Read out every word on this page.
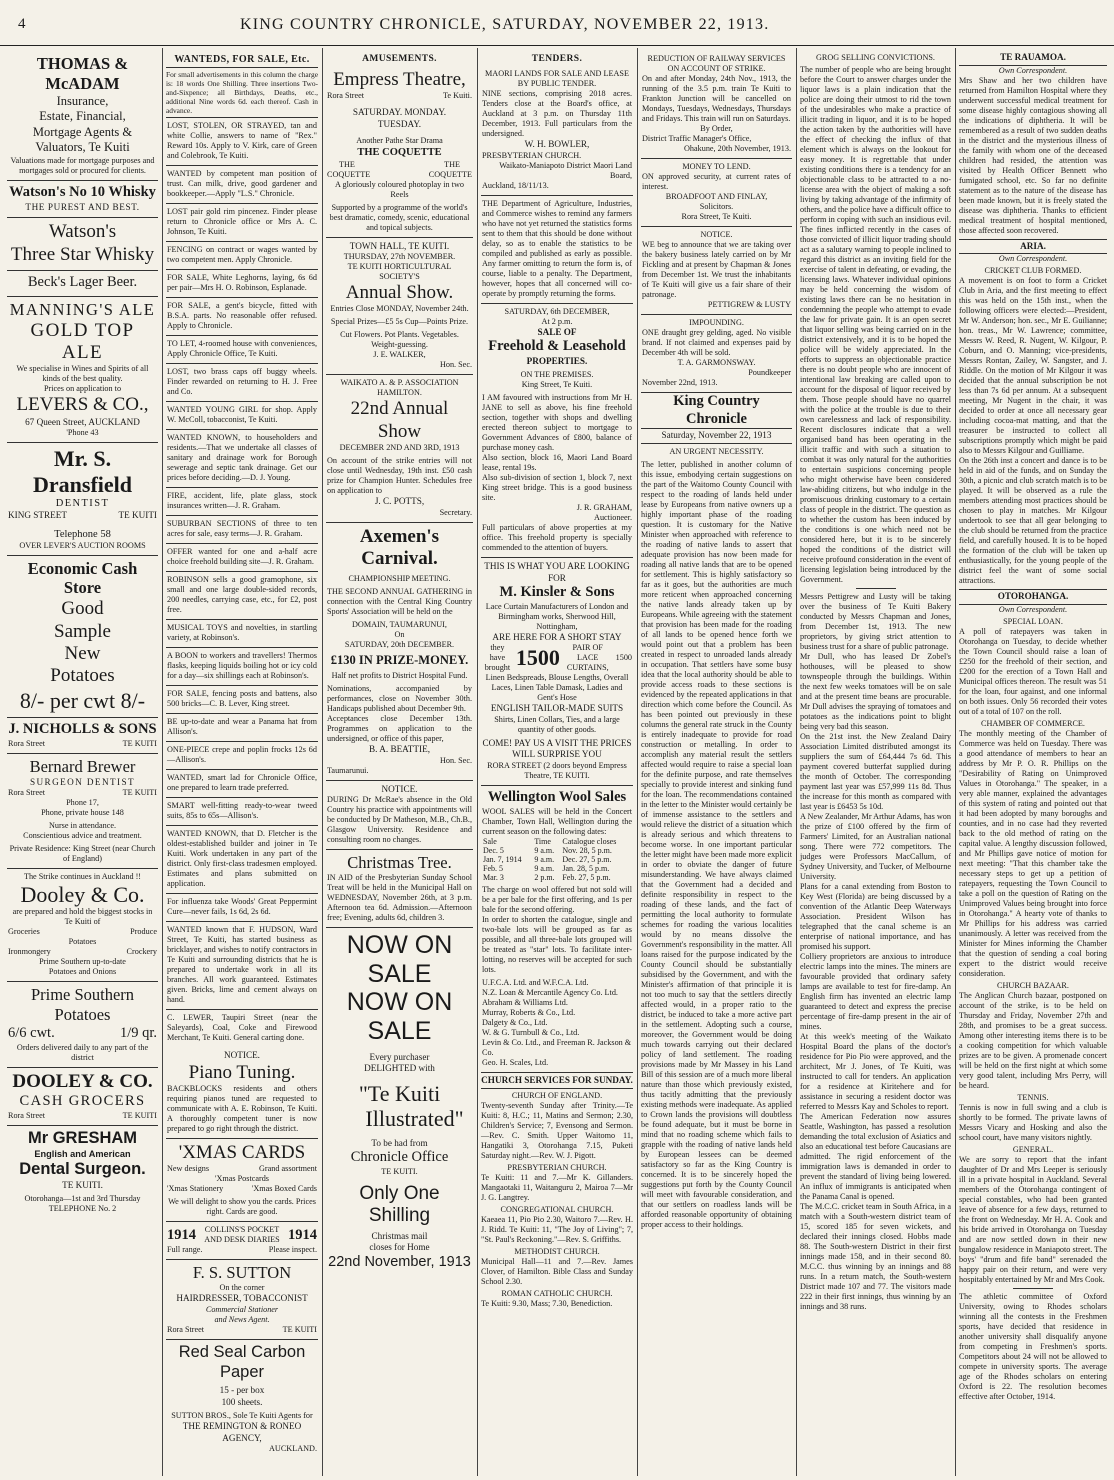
4	KING COUNTRY CHRONICLE, SATURDAY, NOVEMBER 22, 1913.
THOMAS & McADAM
Insurance,
Estate, Financial,
Mortgage Agents &
Valuators, Te Kuiti
Valuations made for mortgage purposes and mortgages sold or procured for clients.
Watson's No 10 Whisky
THE PUREST AND BEST.
Watson's
Three Star Whisky
Beck's Lager Beer.
MANNING'S ALE
GOLD TOP ALE
We specialise in Wines and Spirits of all kinds of the best quality.
Prices on application to
LEVERS & CO.,
67 Queen Street, AUCKLAND
'Phone 43
Mr. S. Dransfield
DENTIST
KING STREET	TE KUITI
Telephone 58
OVER LEVER'S AUCTION ROOMS
Economic Cash Store
Good
Sample
New
Potatoes
8/- per cwt 8/-
J. NICHOLLS & SONS
Rora Street	TE KUITI
Bernard Brewer
SURGEON DENTIST
Rora Street	TE KUITI
Phone 17,
Phone, private house 148
Nurse in attendance.
Conscientious advice and treatment.
Private Residence: King Street (near Church of England)
The Strike continues in Auckland !!
Dooley & Co.
are prepared and hold the biggest stocks in Te Kuiti of
Groceries	Produce
Potatoes
Ironmongery	Crockery
Prime Southern up-to-date
Potatoes and Onions
Prime Southern
Potatoes
6/6 cwt.	1/9 qr.
Orders delivered daily to any part of the district
DOOLEY & CO.
CASH GROCERS
Rora Street	TE KUITI
Mr GRESHAM
English and American
Dental Surgeon.
TE KUITI.
Otorohanga—1st and 3rd Thursday
TELEPHONE No. 2
WANTEDS, FOR SALE, Etc.
For small advertisements in this column the charge is: 18 words One Shilling. Three insertions Two-and-Sixpence; all Birthdays, Deaths, etc., additional Nine words 6d. each thereof. Cash in advance.
LOST, STOLEN, OR STRAYED, tan and white Collie, answers to name of "Rex." Reward 10s. Apply to V. Kirk, care of Green and Colebrook, Te Kuiti.
WANTED by competent man position of trust. Can milk, drive, good gardener and bookkeeper.—Apply "L.S." Chronicle.
LOST pair gold rim pincenez. Finder please return to Chronicle office or Mrs A. C. Johnson, Te Kuiti.
FENCING on contract or wages wanted by two competent men. Apply Chronicle.
FOR SALE, White Leghorns, laying, 6s 6d per pair—Mrs H. O. Robinson, Esplanade.
FOR SALE, a gent's bicycle, fitted with B.S.A. parts. No reasonable offer refused. Apply to Chronicle.
TO LET, 4-roomed house with conveniences, Apply Chronicle Office, Te Kuiti.
LOST, two brass caps off buggy wheels. Finder rewarded on returning to H. J. Free and Co.
WANTED YOUNG GIRL for shop. Apply W. McColl, tobacconist, Te Kuiti.
WANTED KNOWN, to householders and residents.—That we undertake all classes of sanitary and drainage work for Borough sewerage and septic tank drainage. Get our prices before deciding.—D. J. Young.
FIRE, accident, life, plate glass, stock insurances written—J. R. Graham.
SUBURBAN SECTIONS of three to ten acres for sale, easy terms—J. R. Graham.
OFFER wanted for one and a-half acre choice freehold building site—J. R. Graham.
ROBINSON sells a good gramophone, six small and one large double-sided records, 200 needles, carrying case, etc., for £2, post free.
MUSICAL TOYS and novelties, in startling variety, at Robinson's.
A BOON to workers and travellers! Thermos flasks, keeping liquids boiling hot or icy cold for a day—six shillings each at Robinson's.
FOR SALE, fencing posts and battens, also 500 bricks—C. B. Lever, King street.
BE up-to-date and wear a Panama hat from Allison's.
ONE-PIECE crepe and poplin frocks 12s 6d—Allison's.
WANTED, smart lad for Chronicle Office, one prepared to learn trade preferred.
SMART well-fitting ready-to-wear tweed suits, 85s to 65s—Allison's.
WANTED KNOWN, that D. Fletcher is the oldest-established builder and joiner in Te Kuiti. Work undertaken in any part of the district. Only first-class tradesmen employed. Estimates and plans submitted on application.
For influenza take Woods' Great Peppermint Cure—never fails, 1s 6d, 2s 6d.
WANTED known that F. HUDSON, Ward Street, Te Kuiti, has started business as bricklayer, and wishes to notify contractors in Te Kuiti and surrounding districts that he is prepared to undertake work in all its branches. All work guaranteed. Estimates given. Bricks, lime and cement always on hand.
C. LEWER, Taupiri Street (near the Saleyards), Coal, Coke and Firewood Merchant, Te Kuiti. General carting done.
NOTICE.
Piano Tuning.
BACKBLOCKS residents and others requiring pianos tuned are requested to communicate with A. E. Robinson, Te Kuiti. A thoroughly competent tuner is now prepared to go right through the district.
'XMAS CARDS
New designs	Grand assortment
'Xmas Postcards
'Xmas Stationery	'Xmas Boxed Cards
We will delight to show you the cards. Prices right. Cards are good.
1914	COLLINS'S POCKET AND DESK DIARIES 1914
Full range.	Please inspect.
F. S. SUTTON
On the corner
HAIRDRESSER, TOBACCONIST
Commercial Stationer
and News Agent.
Rora Street	TE KUITI
Red Seal Carbon Paper
15 - per box
100 sheets.
SUTTON BROS., Sole Te Kuiti Agents for
THE REMINGTON & RONEO
AGENCY,
AUCKLAND.
AMUSEMENTS.
Empress Theatre,
Rora Street	Te Kuiti.
SATURDAY. MONDAY.
TUESDAY.
Another Pathe Star Drama
THE COQUETTE
THE	THE
COQUETTE	COQUETTE
A gloriously coloured photoplay in two Reels
Supported by a programme of the world's best dramatic, comedy, scenic, educational and topical subjects.
TOWN HALL, TE KUITI.
THURSDAY, 27th NOVEMBER.
TE KUITI HORTICULTURAL SOCIETY'S
Annual Show.
Entries Close MONDAY, November 24th.
Special Prizes—£5 5s Cup—Points Prize.
Cut Flowers. Pot Plants. Vegetables. Weight-guessing.
J. E. WALKER,
Hon. Sec.
WAIKATO A. & P. ASSOCIATION
HAMILTON.
22nd Annual Show
DECEMBER 2ND AND 3RD, 1913
On account of the strike entries will not close until Wednesday, 19th inst. £50 cash prize for Champion Hunter. Schedules free on application to
J. C. POTTS,
Secretary.
Axemen's Carnival.
CHAMPIONSHIP MEETING.
THE SECOND ANNUAL GATHERING in connection with the Central King Country Sports' Association will be held on the
DOMAIN, TAUMARUNUI,
On
SATURDAY, 20th DECEMBER.
£130 IN PRIZE-MONEY.
Half net profits to District Hospital Fund.
Nominations, accompanied by performances, close on November 30th. Handicaps published about December 9th.
Acceptances close December 13th. Programmes on application to the undersigned, or office of this paper,
B. A. BEATTIE,
Hon. Sec.
Taumarunui.
NOTICE.
DURING Dr McRae's absence in the Old Country his practice with appointments will be conducted by Dr Matheson, M.B., Ch.B., Glasgow University. Residence and consulting room no changes.
Christmas Tree.
IN AID of the Presbyterian Sunday School Treat will be held in the Municipal Hall on WEDNESDAY, November 26th, at 3 p.m. Afternoon tea 6d. Admission.—Afternoon free; Evening, adults 6d, children 3.
NOW ON SALE
NOW ON SALE
Every purchaser
DELIGHTED with
"Te Kuiti
Illustrated"
To be had from
Chronicle Office
TE KUITI.
Only One Shilling
Christmas mail
closes for Home
22nd November, 1913
TENDERS.
MAORI LANDS FOR SALE AND LEASE BY PUBLIC TENDER.
NINE sections, comprising 2018 acres. Tenders close at the Board's office, at Auckland at 3 p.m. on Thursday 11th December, 1913. Full particulars from the undersigned.
W. H. BOWLER,
PRESBYTERIAN CHURCH.
Waikato-Maniapoto District Maori Land Board,
Auckland, 18/11/13.
THE Department of Agriculture, Industries, and Commerce wishes to remind any farmers who have not yet returned the statistics forms sent to them that this should be done without delay, so as to enable the statistics to be compiled and published as early as possible. Any farmer omitting to return the form is, of course, liable to a penalty. The Department, however, hopes that all concerned will co-operate by promptly returning the forms.
SATURDAY, 6th DECEMBER,
At 2 p.m.
SALE OF
Freehold & Leasehold
PROPERTIES.
ON THE PREMISES.
King Street, Te Kuiti.
I AM favoured with instructions from Mr H. JANE to sell as above, his fine freehold section, together with shops and dwelling erected thereon subject to mortgage to Government Advances of £800, balance of purchase money cash.
Also section, block 16, Maori Land Board lease, rental 19s.
Also sub-division of section 1, block 7, next King street bridge. This is a good business site.
J. R. GRAHAM,
Auctioneer.
Full particulars of above properties at my office. This freehold property is specially commended to the attention of buyers.
THIS IS WHAT YOU ARE LOOKING FOR
M. Kinsler & Sons
Lace Curtain Manufacturers of London and Birmingham works, Sherwood Hill, Nottingham,
ARE HERE FOR A SHORT STAY
they have brought 1500	PAIR OF LACE CURTAINS,
1500
Linen Bedspreads, Blouse Lengths, Overall Laces, Linen Table Damask, Ladies and Gent's Hose
ENGLISH TAILOR-MADE SUITS
Shirts, Linen Collars, Ties, and a large quantity of other goods.
COME! PAY US A VISIT THE PRICES WILL SURPRISE YOU
RORA STREET (2 doors beyond Empress Theatre, TE KUITI.
Wellington Wool Sales
WOOL SALES will be held in the Concert Chamber, Town Hall, Wellington during the current season on the following dates:
Sale	Time	Catalogue closes
Dec. 5	9 a.m.	Nov. 28, 5 p.m.
Jan. 7, 1914	9 a.m.	Dec. 27, 5 p.m.
Feb. 5	9 a.m.	Jan. 28, 5 p.m.
Mar. 3	2 p.m.	Feb. 27, 5 p.m.
The charge on wool offered but not sold will be a per bale for the first offering, and 1s per bale for the second offering.
In order to shorten the catalogue, single and two-bale lots will be grouped as far as possible, and all three-bale lots grouped will be treated as "star" lots. To facilitate inter-lotting, no reserves will be accepted for such lots.
U.F.C.A. Ltd. and W.F.C.A. Ltd.
N.Z. Loan & Mercantile Agency Co. Ltd.
Abraham & Williams Ltd.
Murray, Roberts & Co., Ltd.
Dalgety & Co., Ltd.
W. & G. Turnbull & Co., Ltd.
Levin & Co. Ltd., and Freeman R. Jackson & Co.
Geo. H. Scales, Ltd.
CHURCH SERVICES FOR SUNDAY.
CHURCH OF ENGLAND.
Twenty-seventh Sunday after Trinity.—Te Kuiti: 8, H.C.; 11, Matins and Sermon; 2.30, Children's Service; 7, Evensong and Sermon.—Rev. C. Smith. Upper Waitomo 11, Hangatiki 3, Otorohanga 7.15, Puketi Saturday night.—Rev. W. J. Pigott.
PRESBYTERIAN CHURCH.
Te Kuiti: 11 and 7.—Mr K. Gillanders. Mangaotaki 11, Waitanguru 2, Mairoa 7—Mr J. G. Langtrey.
CONGREGATIONAL CHURCH.
Kaeaea 11, Pio Pio 2.30, Waitoro 7.—Rev. H. J. Ridd. Te Kuiti: 11, "The Joy of Living"; 7, "St. Paul's Reckoning."—Rev. S. Griffiths.
METHODIST CHURCH.
Municipal Hall—11 and 7.—Rev. James Clover, of Hamilton. Bible Class and Sunday School 2.30.
ROMAN CATHOLIC CHURCH.
Te Kuiti: 9.30, Mass; 7.30, Benediction.
REDUCTION OF RAILWAY SERVICES ON ACCOUNT OF STRIKE.
On and after Monday, 24th Nov., 1913, the running of the 3.5 p.m. train Te Kuiti to Frankton Junction will be cancelled on Mondays, Tuesdays, Wednesdays, Thursdays and Fridays. This train will run on Saturdays.
By Order,
District Traffic Manager's Office,
Ohakune, 20th November, 1913.
MONEY TO LEND.
ON approved security, at current rates of interest.
BROADFOOT AND FINLAY,
Solicitors.
Rora Street, Te Kuiti.
NOTICE.
WE beg to announce that we are taking over the bakery business lately carried on by Mr Fickling and at present by Chapman & Jones from December 1st. We trust the inhabitants of Te Kuiti will give us a fair share of their patronage.
PETTIGREW & LUSTY
IMPOUNDING.
ONE draught grey gelding, aged. No visible brand. If not claimed and expenses paid by December 4th will be sold.
T. A. GARMONSWAY.
Poundkeeper
November 22nd, 1913.
King Country Chronicle
Saturday, November 22, 1913
AN URGENT NECESSITY.
The letter, published in another column of this issue, embodying certain suggestions on the part of the Waitomo County Council with respect to the roading of lands held under lease by Europeans from native owners up a highly important phase of the roading question. It is customary for the Native Minister when approached with reference to the roading of native lands to assert that adequate provision has now been made for roading all native lands that are to be opened for settlement. This is highly satisfactory so far as it goes, but the authorities are much more reticent when approached concerning the native lands already taken up by Europeans. While agreeing with the statement that provision has been made for the roading of all lands to be opened hence forth we would point out that a problem has been created in respect to unroaded lands already in occupation. That settlers have some busy idea that the local authority should be able to provide access roads to these sections is evidenced by the repeated applications in that direction which come before the Council. As has been pointed out previously in these columns the general rate struck in the County is entirely inadequate to provide for road construction or metalling. In order to accomplish any material result the settlers affected would require to raise a special loan for the definite purpose, and rate themselves specially to provide interest and sinking fund for the loan. The recommendations contained in the letter to the Minister would certainly be of immense assistance to the settlers and would relieve the district of a situation which is already serious and which threatens to become worse. In one important particular the letter might have been made more explicit in order to obviate the danger of future misunderstanding. We have always claimed that the Government had a decided and definite responsibility in respect to the roading of these lands, and the fact of permitting the local authority to formulate schemes for roading the various localities would by no means dissolve the Government's responsibility in the matter. All loans raised for the purpose indicated by the County Council should be substantially subsidised by the Government, and with the Minister's affirmation of that principle it is not too much to say that the settlers directly affected would, in a proper ratio to the district, be induced to take a more active part in the settlement. Adopting such a course, moreover, the Government would be doing much towards carrying out their declared policy of land settlement. The roading provisions made by Mr Massey in his Land Bill of this session are of a much more liberal nature than those which previously existed, thus tacitly admitting that the previously existing methods were inadequate. As applied to Crown lands the provisions will doubtless be found adequate, but it must be borne in mind that no roading scheme which fails to grapple with the roading of native lands held by European lessees can be deemed satisfactory so far as the King Country is concerned. It is to be sincerely hoped the suggestions put forth by the County Council will meet with favourable consideration, and that our settlers on roadless lands will be afforded reasonable opportunity of obtaining proper access to their holdings.
GROG SELLING CONVICTIONS.
The number of people who are being brought before the Court to answer charges under the liquor laws is a plain indication that the police are doing their utmost to rid the town of the undesirables who make a practice of illicit trading in liquor, and it is to be hoped the action taken by the authorities will have the effect of checking the influx of that element which is always on the lookout for easy money. It is regrettable that under existing conditions there is a tendency for an objectionable class to be attracted to a no-license area with the object of making a soft living by taking advantage of the infirmity of others, and the police have a difficult office to perform in coping with such an insidious evil. The fines inflicted recently in the cases of those convicted of illicit liquor trading should act as a salutary warning to people inclined to regard this district as an inviting field for the exercise of talent in defeating, or evading, the licensing laws. Whatever individual opinions may be held concerning the wisdom of existing laws there can be no hesitation in condemning the people who attempt to evade the law for private gain. It is an open secret that liquor selling was being carried on in the district extensively, and it is to be hoped the police will be widely appreciated. In the efforts to suppress an objectionable practice there is no doubt people who are innocent of intentional law breaking are called upon to account for the disposal of liquor received by them. Those people should have no quarrel with the police at the trouble is due to their own carelessness and lack of responsibility. Recent disclosures indicate that a well organised band has been operating in the illicit traffic and with such a situation to combat it was only natural for the authorities to entertain suspicions concerning people who might otherwise have been considered law-abiding citizens, but who indulge in the promiscuous drinking customary to a certain class of people in the district. The question as to whether the custom has been induced by the conditions is one which need not be considered here, but it is to be sincerely hoped the conditions of the district will receive profound consideration in the event of licensing legislation being introduced by the Government.
Messrs Pettigrew and Lusty will be taking over the business of Te Kuiti Bakery conducted by Messrs Chapman and Jones, from December 1st, 1913. The new proprietors, by giving strict attention to business trust for a share of public patronage.
Mr Dull, who has leased Dr Zobel's hothouses, will be pleased to show townspeople through the buildings. Within the next few weeks tomatoes will be on sale and at the present time beans are procurable. Mr Dull advises the spraying of tomatoes and potatoes as the indications point to blight being very bad this season.
On the 21st inst. the New Zealand Dairy Association Limited distributed amongst its suppliers the sum of £64,444 7s 6d. This payment covered butterfat supplied during the month of October. The corresponding payment last year was £57,999 11s 8d. Thus the increase for this month as compared with last year is £6453 5s 10d.
A New Zealander, Mr Arthur Adams, has won the prize of £100 offered by the firm of Farmers' Limited, for an Australian national song. There were 772 competitors. The judges were Professors MacCallum, of Sydney University, and Tucker, of Melbourne University.
Plans for a canal extending from Boston to Key West (Florida) are being discussed by a convention of the Atlantic Deep Waterways Association. President Wilson has telegraphed that the canal scheme is an enterprise of national importance, and has promised his support.
Colliery proprietors are anxious to introduce electric lamps into the mines. The miners are favourable provided that ordinary safety lamps are available to test for fire-damp. An English firm has invented an electric lamp guaranteed to detect and express the precise percentage of fire-damp present in the air of mines.
At this week's meeting of the Waikato Hospital Board the plans of the doctor's residence for Pio Pio were approved, and the architect, Mr J. Jones, of Te Kuiti, was instructed to call for tenders. An application for a residence at Kiritehere and for assistance in securing a resident doctor was referred to Messrs Kay and Scholes to report.
The American Federation now assures Seattle, Washington, has passed a resolution demanding the total exclusion of Asiatics and also an educational test before Caucasians are admitted. The rigid enforcement of the immigration laws is demanded in order to prevent the standard of living being lowered. An influx of immigrants is anticipated when the Panama Canal is opened.
The M.C.C. cricket team in South Africa, in a match with a South-western district team of 15, scored 185 for seven wickets, and declared their innings closed. Hobbs made 88. The South-western District in their first innings made 158, and in their second 80. M.C.C. thus winning by an innings and 88 runs. In a return match, the South-western District made 107 and 77. The visitors made 222 in their first innings, thus winning by an innings and 38 runs.
TE RAUAMOA.
Own Correspondent.
Mrs Shaw and her two children have returned from Hamilton Hospital where they underwent successful medical treatment for some disease highly contagious showing all the indications of diphtheria. It will be remembered as a result of two sudden deaths in the district and the mysterious illness of the family with whom one of the deceased children had resided, the attention was visited by Health Officer Bennett who fumigated school, etc. So far no definite statement as to the nature of the disease has been made known, but it is freely stated the disease was diphtheria. Thanks to efficient medical treatment of hospital mentioned, those affected soon recovered.
ARIA.
Own Correspondent.
CRICKET CLUB FORMED.
A movement is on foot to form a Cricket Club in Aria, and the first meeting to effect this was held on the 15th inst., when the following officers were elected:—President, Mr W. Anderson; hon. sec., Mr E. Guilianne; hon. treas., Mr W. Lawrence; committee, Messrs W. Reed, R. Nugent, W. Kilgour, P. Coburn, and O. Manning; vice-presidents, Messrs Rontan, Zailey, W. Sangster, and J. Riddle. On the motion of Mr Kilgour it was decided that the annual subscription be not less than 7s 6d per annum. At a subsequent meeting, Mr Nugent in the chair, it was decided to order at once all necessary gear including cocoa-mat matting, and that the treasurer be instructed to collect all subscriptions promptly which might be paid also to Messrs Kilgour and Guilliame.
On the 26th inst a concert and dance is to be held in aid of the funds, and on Sunday the 30th, a picnic and club scratch match is to be played. It will be observed as a rule the members attending most practices should be chosen to play in matches. Mr Kilgour undertook to see that all gear belonging to the club should be returned from the practice field, and carefully housed. It is to be hoped the formation of the club will be taken up enthusiastically, for the young people of the district feel the want of some social attractions.
OTOROHANGA.
Own Correspondent.
SPECIAL LOAN.
A poll of ratepayers was taken in Otorohanga on Tuesday, to decide whether the Town Council should raise a loan of £250 for the freehold of their section, and £200 for the erection of a Town Hall and Municipal offices thereon. The result was 51 for the loan, four against, and one informal on both issues. Only 56 recorded their votes out of a total of 107 on the roll.
CHAMBER OF COMMERCE.
The monthly meeting of the Chamber of Commerce was held on Tuesday. There was a good attendance of members to hear an address by Mr P. O. R. Phillips on the "Desirability of Rating on Unimproved Values in Otorohanga." The speaker, in a very able manner, explained the advantages of this system of rating and pointed out that it had been adopted by many boroughs and counties, and in no case had they reverted back to the old method of rating on the capital value. A lengthy discussion followed, and Mr Phillips gave notice of motion for next meeting: "That this chamber take the necessary steps to get up a petition of ratepayers, requesting the Town Council to take a poll on the question of Rating on the Unimproved Values being brought into force in Otorohanga." A hearty vote of thanks to Mr Phillips for his address was carried unanimously. A letter was received from the Minister for Mines informing the Chamber that the question of sending a coal boring expert to the district would receive consideration.
CHURCH BAZAAR.
The Anglican Church bazaar, postponed on account of the strike, is to be held on Thursday and Friday, November 27th and 28th, and promises to be a great success. Among other interesting items there is to be a cooking competition for which valuable prizes are to be given. A promenade concert will be held on the first night at which some very good talent, including Mrs Perry, will be heard.
TENNIS.
Tennis is now in full swing and a club is shortly to be formed. The private lawns of Messrs Vicary and Hosking and also the school court, have many visitors nightly.
GENERAL.
We are sorry to report that the infant daughter of Dr and Mrs Leeper is seriously ill in a private hospital in Auckland. Several members of the Otorohanga contingent of special constables, who had been granted leave of absence for a few days, returned to the front on Wednesday. Mr H. A. Cook and his bride arrived in Otorohanga on Tuesday and are now settled down in their new bungalow residence in Maniapoto street. The boys' "drum and fife band" serenaded the happy pair on their return, and were very hospitably entertained by Mr and Mrs Cook.
The athletic committee of Oxford University, owing to Rhodes scholars winning all the contests in the Freshmen sports, have decided that residence in another university shall disqualify anyone from competing in Freshmen's sports. Competitors about 24 will not be allowed to compete in university sports. The average age of the Rhodes scholars on entering Oxford is 22. The resolution becomes effective after October, 1914.
